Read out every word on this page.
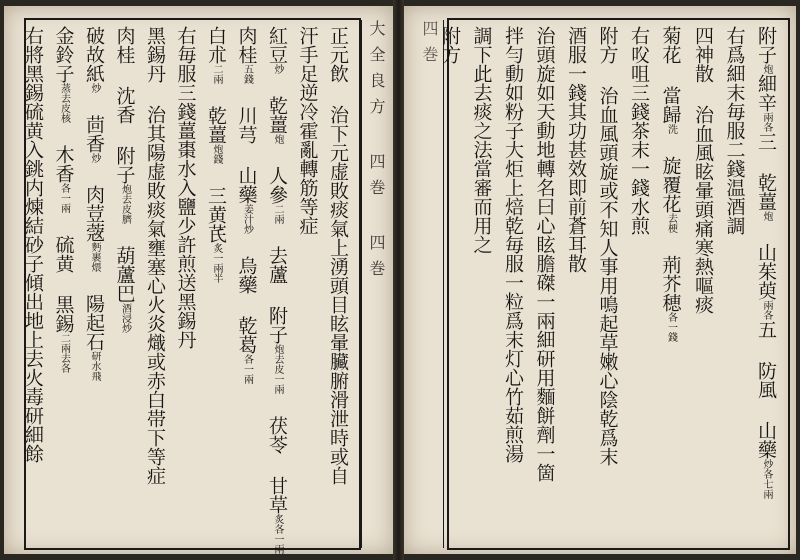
正元飲 治下元虚敗痰氣上湧頭目眩暈臟腑滑泄時或自
汗手足逆冷霍亂轉筋等症
紅豆炒 乾薑炮 人參二兩 去蘆 附子炮去皮一兩 茯苓 甘草炙各一兩
肉桂五錢 川芎 山藥姜汁炒 烏藥 乾葛各一兩
白朮二兩 乾薑炮錢 三黄芪炙一兩半
右毎服三錢薑棗水入鹽少許煎送黑錫丹
黑錫丹 治其陽虚敗痰氣壅塞心火炎熾或赤白帯下等症
肉桂 沈香 附子炮去皮臍 葫蘆巴酒浸炒
破故紙炒 茴香炒 肉荳蔲麪裹煨 陽起石研水飛
金鈴子蒸去皮核 木香各一兩 硫黄 黒錫二兩去各
右將黑錫硫黄入銚内煉結砂子傾出地上去火毒研細餘	大全良方 四巻 四巻	四巻	附子炮細辛兩各三 乾薑炮 山茱萸兩各五 防風 山藥炒各七兩
右爲細末毎服二錢温酒調
四神散 治血風眩暈頭痛寒熱嘔痰
菊花 當歸洗 旋覆花去梗 荊芥穂各一錢
右㕮咀三錢茶末一錢水煎
附方 治血風頭旋或不知人事用鳴起草嫩心陰乾爲末
酒服一錢其功甚效即前蒼耳散
治頭旋如天動地轉名曰心眩膽磔一兩細研用麵餅劑一箇
拌勻動如粉子大炬上焙乾毎服一粒爲末灯心竹茹煎湯
調下此去痰之法當審而用之
附方
